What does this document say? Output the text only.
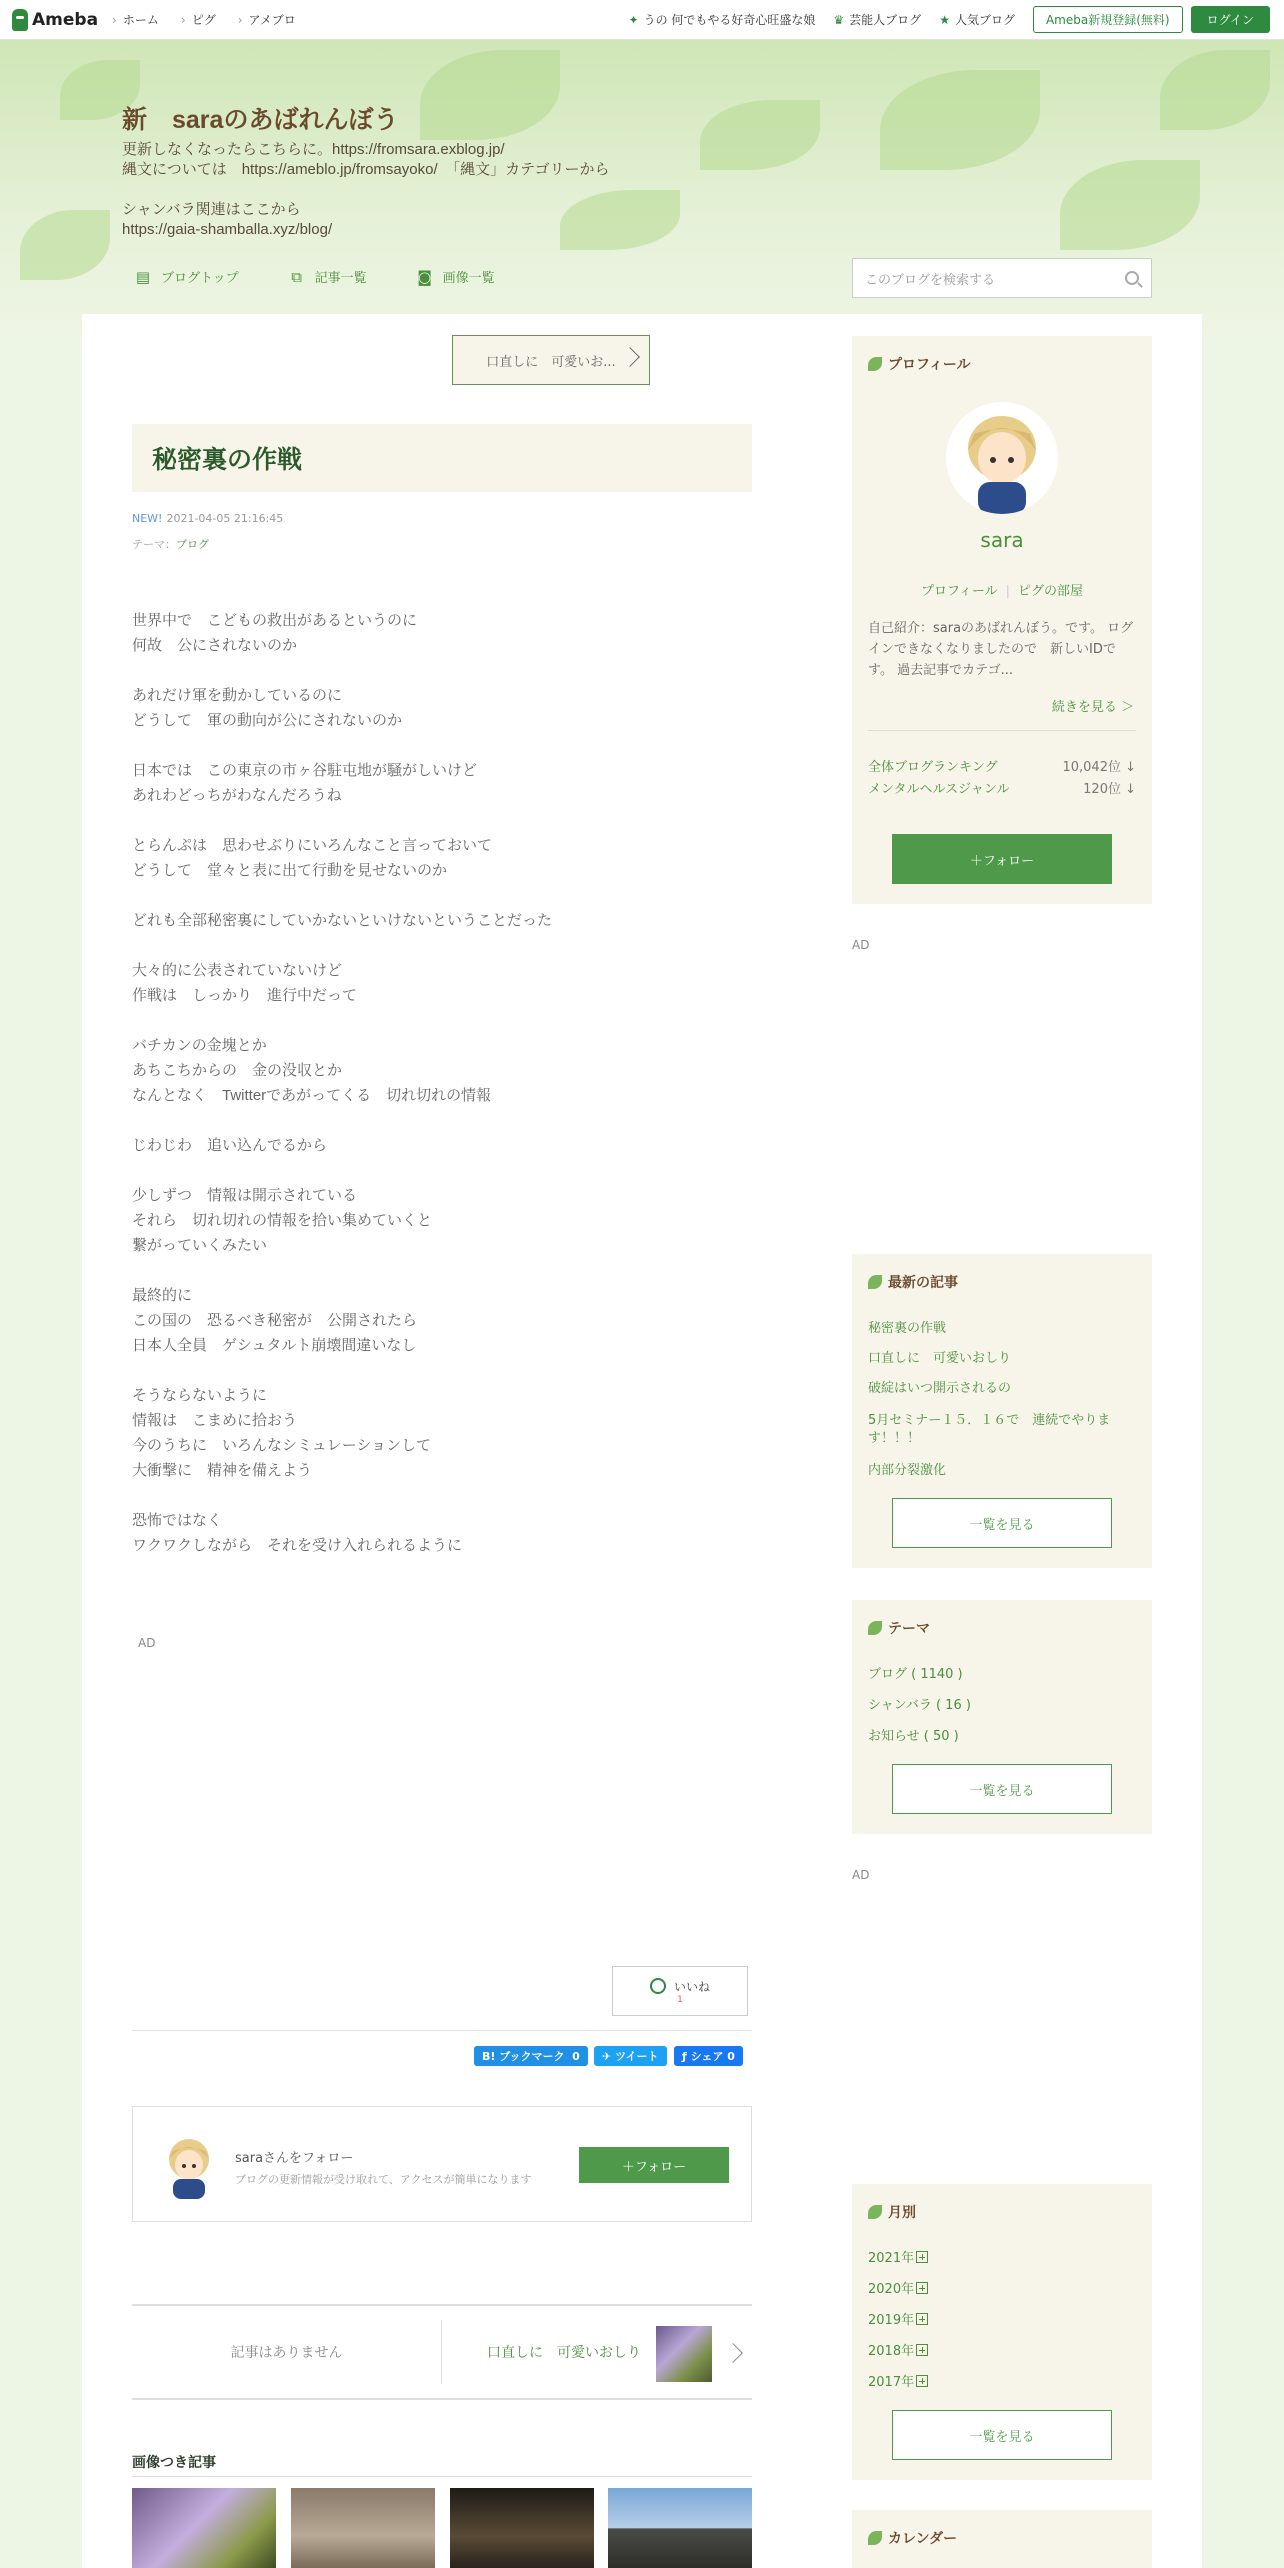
Ameba	› ホーム	› ピグ	› アメブロ	✦ うの 何でもやる好奇心旺盛な娘 ♛ 芸能人ブログ ★ 人気ブログ	Ameba新規登録(無料)	ログイン
新　saraのあばれんぼう
更新しなくなったらこちらに。https://fromsara.exblog.jp/
縄文については　https://ameblo.jp/fromsayoko/　「縄文」カテゴリーから

シャンバラ関連はここから
https://gaia-shamballa.xyz/blog/
▤ ブログトップ	⧉ 記事一覧	◙ 画像一覧	このブログを検索する
口直しに　可愛いお...
秘密裏の作戦
NEW! 2021-04-05 21:16:45
テーマ：ブログ

世界中で　こどもの救出があるというのに

何故　公にされないのか

あれだけ軍を動かしているのに

どうして　軍の動向が公にされないのか

日本では　この東京の市ヶ谷駐屯地が騒がしいけど

あれわどっちがわなんだろうね

とらんぷは　思わせぶりにいろんなこと言っておいて

どうして　堂々と表に出て行動を見せないのか

どれも全部秘密裏にしていかないといけないということだった

大々的に公表されていないけど

作戦は　しっかり　進行中だって

バチカンの金塊とか

あちこちからの　金の没収とか

なんとなく　Twitterであがってくる　切れ切れの情報

じわじわ　追い込んでるから

少しずつ　情報は開示されている

それら　切れ切れの情報を拾い集めていくと

繋がっていくみたい

最終的に

この国の　恐るべき秘密が　公開されたら

日本人全員　ゲシュタルト崩壊間違いなし

そうならないように

情報は　こまめに拾おう

今のうちに　いろんなシミュレーションして

大衝撃に　精神を備えよう

恐怖ではなく

ワクワクしながら　それを受け入れられるように

AD
いいね
1
B! ブックマーク
0 ✈
ツイート ƒ
シェア
0
saraさんをフォロー
ブログの更新情報が受け取れて、アクセスが簡単になります
＋ フォロー
記事はありません	口直しに　可愛いおしり
画像つき記事
プロフィール
sara
プロフィール | ピグの部屋
自己紹介：saraのあばれんぼう。です。 ログインできなくなりましたので　新しいIDです。 過去記事でカテゴ...
続きを見る ＞
全体ブログランキング	10,042位 ↓
メンタルヘルスジャンル	120位 ↓
＋ フォロー
AD
最新の記事
秘密裏の作戦
口直しに　可愛いおしり
破綻はいつ開示されるの
5月セミナー１５．１６で　連続でやります！！！
内部分裂激化
一覧を見る
テーマ
ブログ ( 1140 )
シャンバラ ( 16 )
お知らせ ( 50 )
一覧を見る
AD
月別
2021年
2020年
2019年
2018年
2017年
一覧を見る
カレンダー
